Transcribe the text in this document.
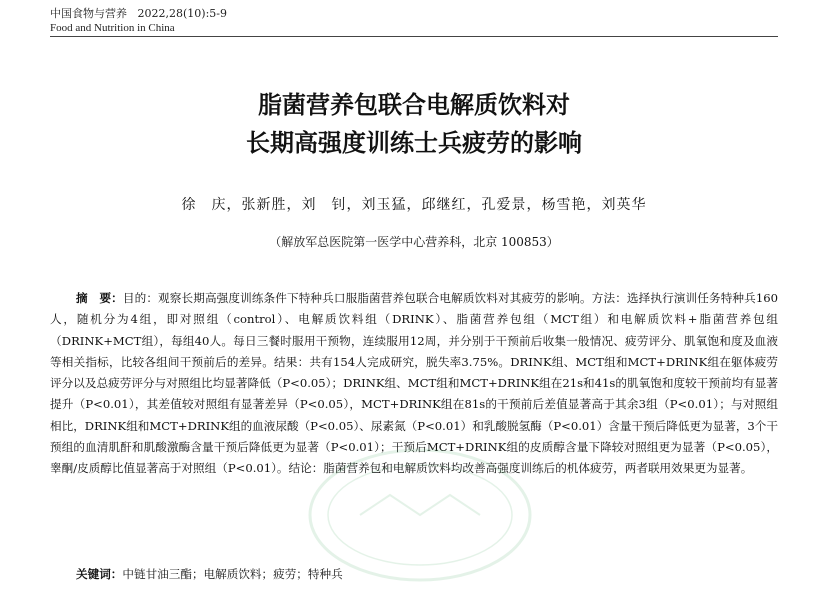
中国食物与营养 2022,28(10):5-9
Food and Nutrition in China
脂菌营养包联合电解质饮料对
长期高强度训练士兵疲劳的影响
徐　庆，张新胜，刘　钊，刘玉猛，邱继红，孔爱景，杨雪艳，刘英华
（解放军总医院第一医学中心营养科，北京 100853）

摘　要：目的：观察长期高强度训练条件下特种兵口服脂菌营养包联合电解质饮料对其疲劳的影响。方法：选择执行演训任务特种兵160人，随机分为4组，即对照组（control）、电解质饮料组（DRINK）、脂菌营养包组（MCT组）和电解质饮料+脂菌营养包组（DRINK+MCT组），每组40人。每日三餐时服用干预物，连续服用12周，并分别于干预前后收集一般情况、疲劳评分、肌氧饱和度及血液等相关指标，比较各组间干预前后的差异。结果：共有154人完成研究，脱失率3.75%。DRINK组、MCT组和MCT+DRINK组在躯体疲劳评分以及总疲劳评分与对照组比均显著降低（P<0.05）；DRINK组、MCT组和MCT+DRINK组在21s和41s的肌氧饱和度较干预前均有显著提升（P<0.01），其差值较对照组有显著差异（P<0.05），MCT+DRINK组在81s的干预前后差值显著高于其余3组（P<0.01）；与对照组相比，DRINK组和MCT+DRINK组的血液尿酸（P<0.05）、尿素氮（P<0.01）和乳酸脱氢酶（P<0.01）含量干预后降低更为显著，3个干预组的血清肌酐和肌酸激酶含量干预后降低更为显著（P<0.01）；干预后MCT+DRINK组的皮质醇含量下降较对照组更为显著（P<0.05），睾酮/皮质醇比值显著高于对照组（P<0.01）。结论：脂菌营养包和电解质饮料均改善高强度训练后的机体疲劳，两者联用效果更为显著。

关键词：中链甘油三酯；电解质饮料；疲劳；特种兵
